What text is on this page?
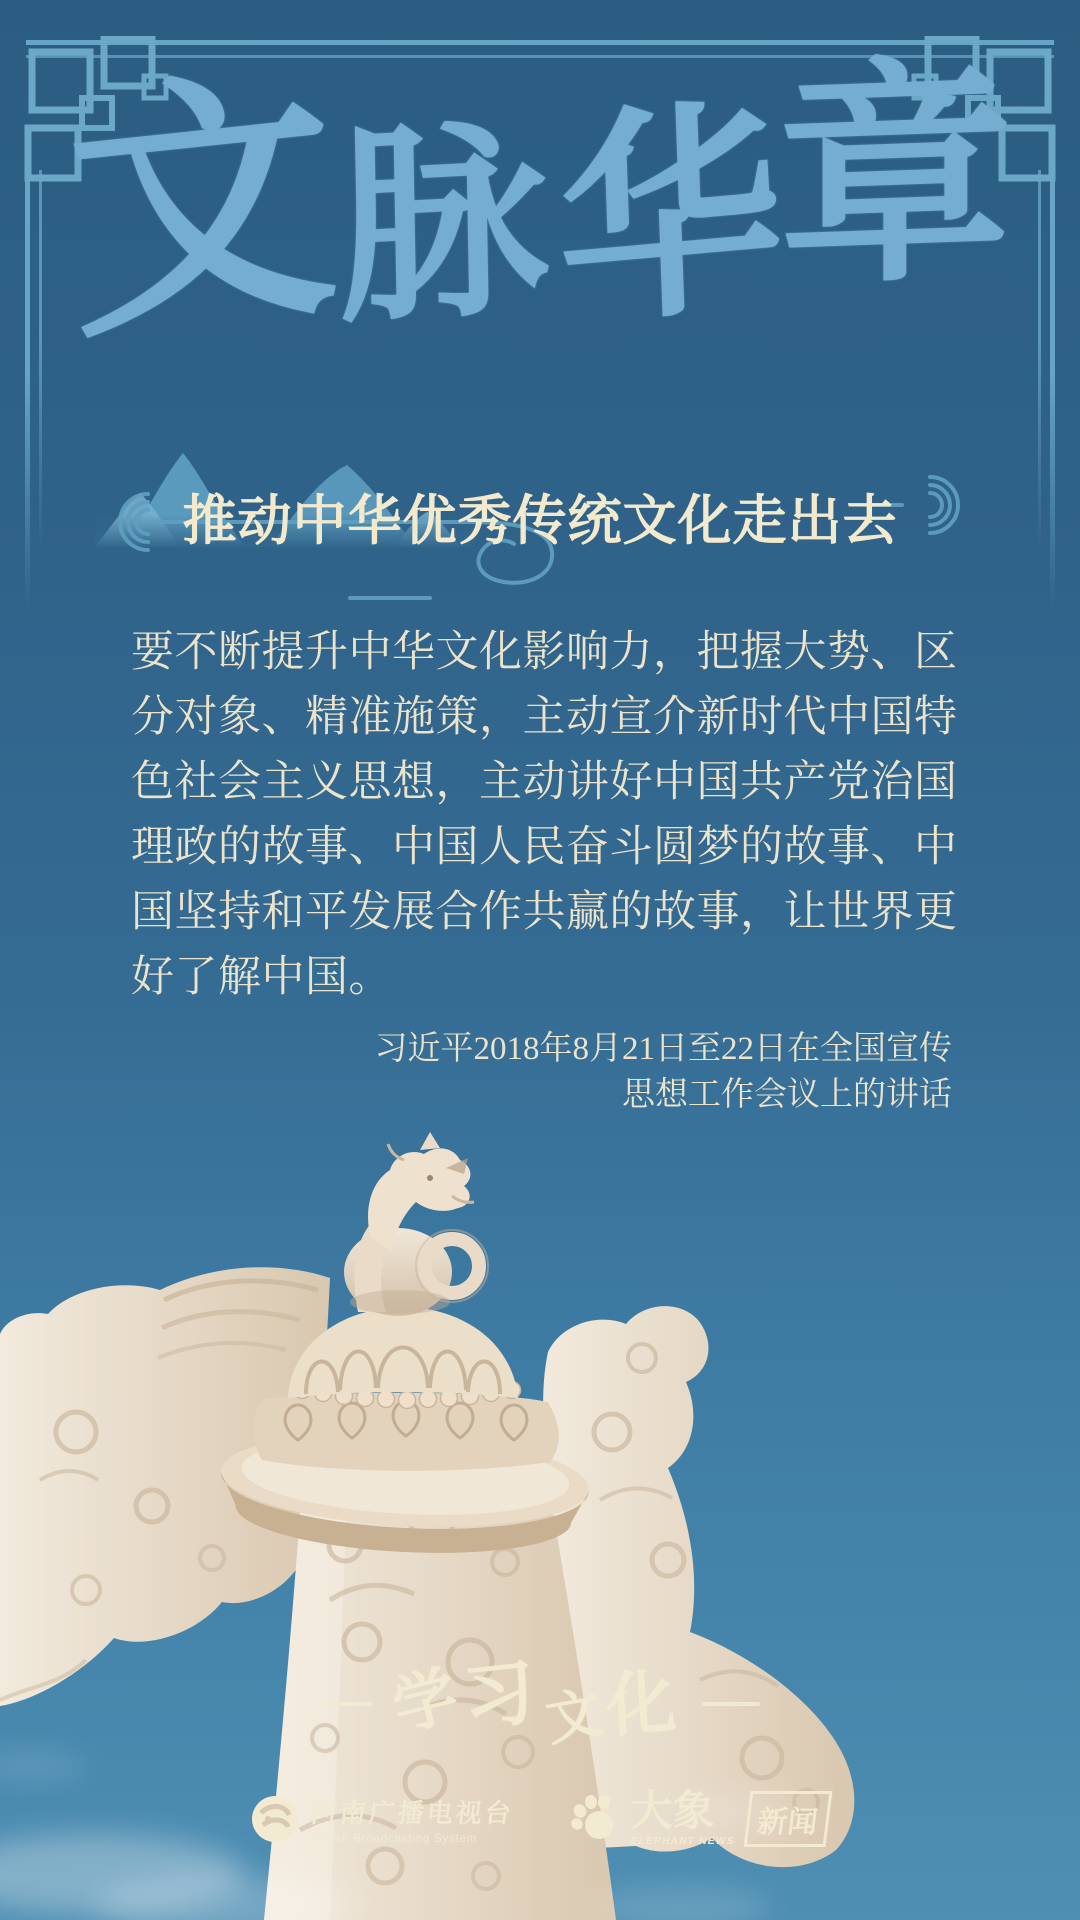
文
脉 华
章
推动中华优秀传统文化走出去
要不断提升中华文化影响力，把握大势、区
分对象、精准施策，主动宣介新时代中国特
色社会主义思想，主动讲好中国共产党治国
理政的故事、中国人民奋斗圆梦的故事、中
国坚持和平发展合作共赢的故事，让世界更
好了解中国。
习近平2018年8月21日至22日在全国宣传
思想工作会议上的讲话
学
习 文
化
河南广播电视台
Henan Broadcasting System
大象
ELEPHANT NEWS
新闻
